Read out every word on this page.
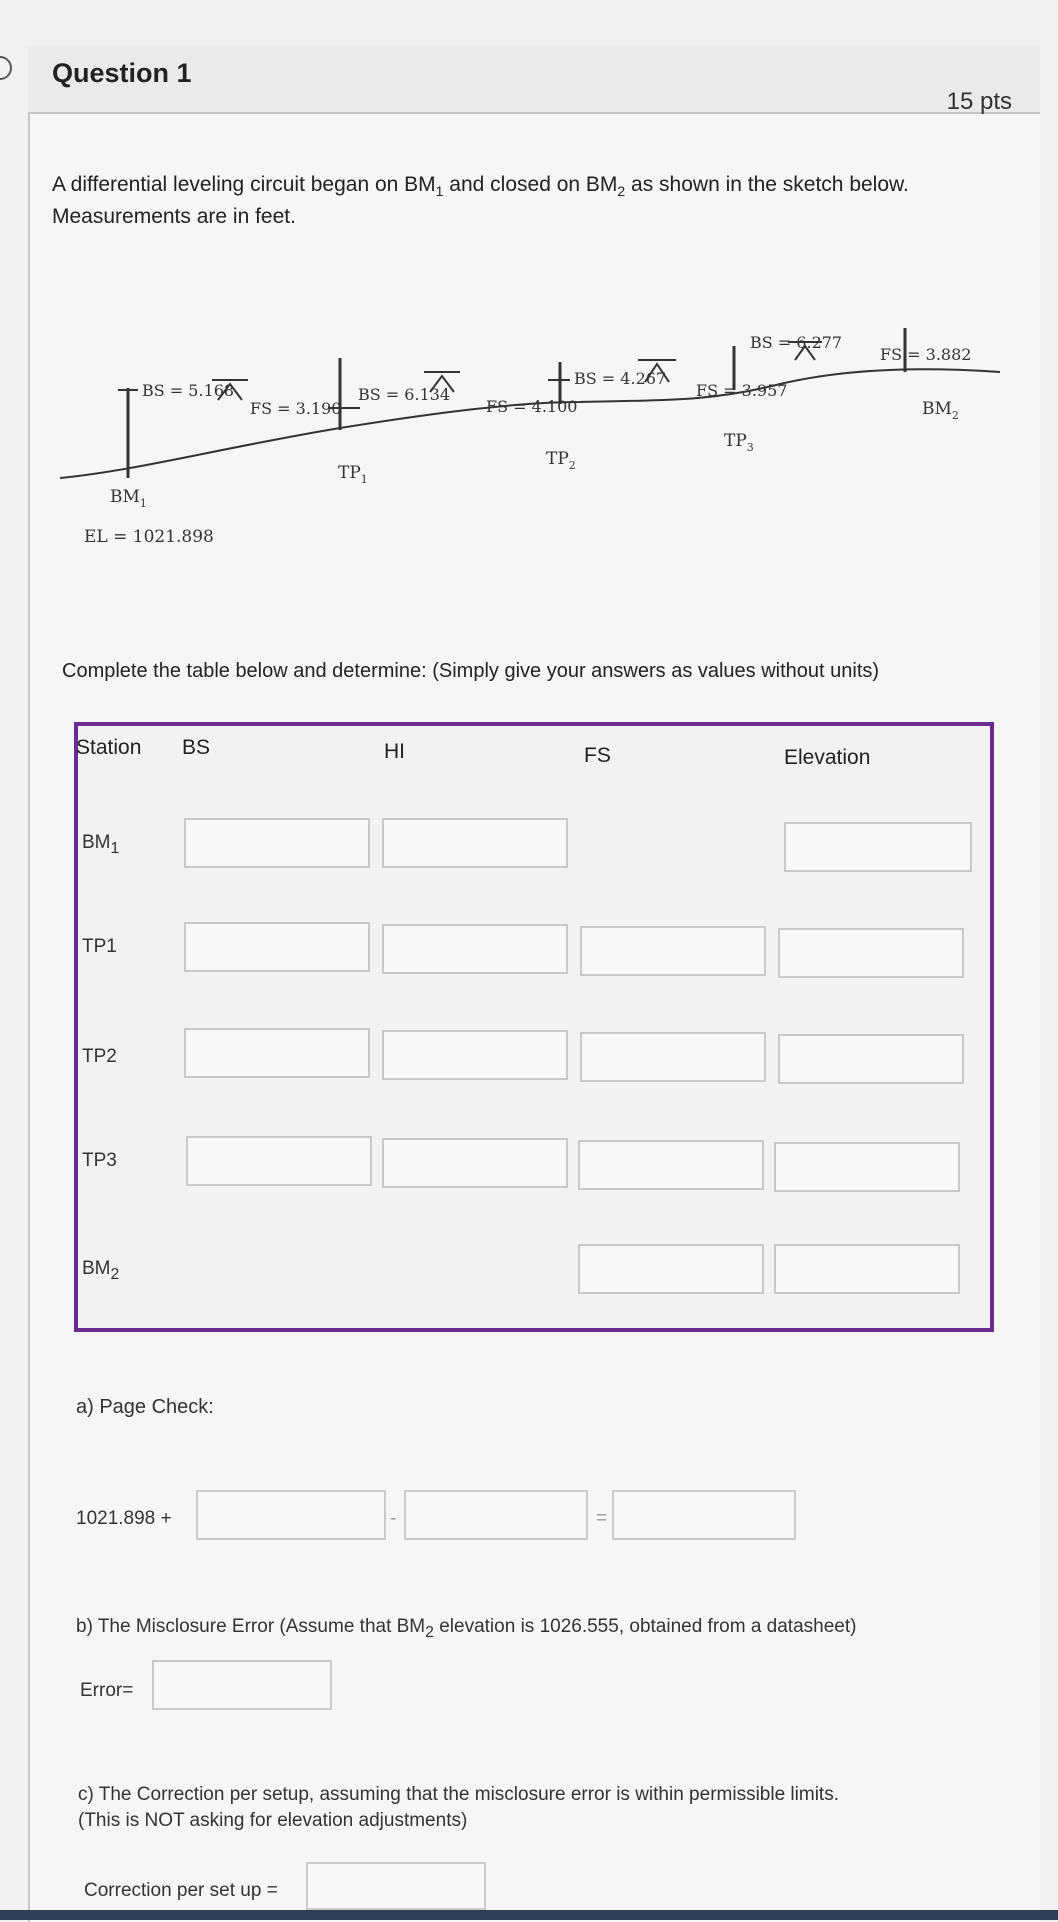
Question 1
15 pts
A differential leveling circuit began on $BM_1$ and closed on $BM_2$ as shown in the sketch below.
Measurements are in feet.
BS = 5.168
FS = 3.190
BS = 6.134
FS = 4.100
BS = 4.267
FS = 3.957
BS = 6.277
FS = 3.882
$BM_1$
EL = 1021.898
$TP_1$
$TP_2$
$TP_3$
$BM_2$
Complete the table below and determine: (Simply give your answers as values without units)
Station BS	HI	FS	Elevation
$BM_1$
TP1
TP2
TP3
$BM_2$
a) Page Check:
1021.898 +	-	=
b) The Misclosure Error (Assume that $BM_2$ elevation is 1026.555, obtained from a datasheet)
Error=
c) The Correction per setup, assuming that the misclosure error is within permissible limits.
(This is NOT asking for elevation adjustments)
Correction per set up =
